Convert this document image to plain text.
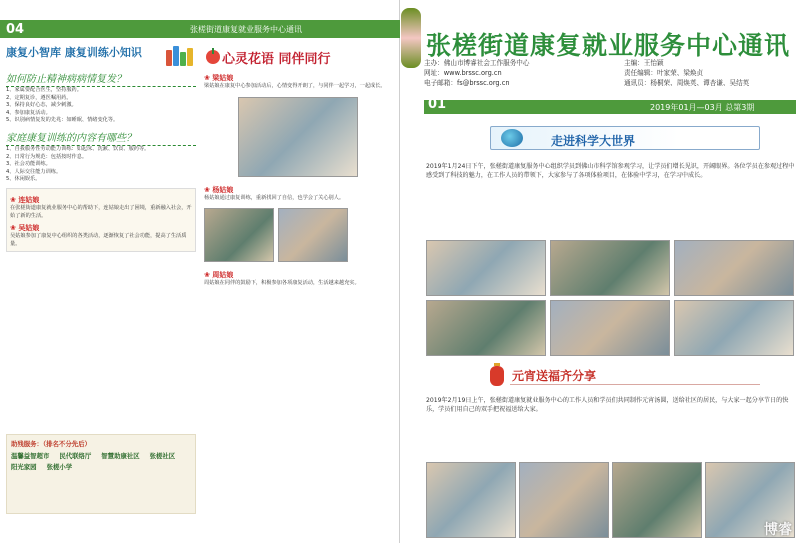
04	张槎街道康复就业服务中心通讯
康复小智库 康复训练小知识
如何防止精神病病情复发？
1、家属要配合医生，坚持服药。
2、定期复诊，遵医嘱用药。
3、保持良好心态，减少刺激。
4、参加康复活动。
5、识别病情复发的先兆：如睡眠、情绪变化等。
家庭康复训练的内容有哪些？
1、自我服务性劳动能力训练：如起床、洗漱、饮食、服药等。
2、日常行为规范：包括按时作息。
3、社会功能训练。
4、人际交往能力训练。
5、休闲娱乐。
❀ 连姑娘
在张槎街道康复就业服务中心的帮助下，连姑娘走出了困境，重新融入社会，开始了新的生活。
❀ 吴姑娘
吴姑娘参加了康复中心组织的各类活动，逐渐恢复了社会功能，提高了生活质量。
助残服务：（排名不分先后）
温馨益智超市 民代联络厅 智慧助康社区 张槎社区
阳光家园 张槎小学
心灵花语 同伴同行
❀ 梁姑娘
梁姑娘在康复中心参加活动后，心情变得开朗了，与同伴一起学习，一起成长。
❀ 杨姑娘
杨姑娘通过康复训练，重新找回了自信，也学会了关心别人。
❀ 周姑娘
周姑娘在同伴的鼓励下，积极参加各项康复活动，生活越来越充实。
张槎街道康复就业服务中心通讯
主办：佛山市博睿社会工作服务中心
网址：www.brssc.org.cn
电子邮箱：fs@brssc.org.cn
主编：王怡颖
责任编辑：叶家荣、梁焕贞
通讯员：杨桐荣、周焕英、谭杏谦、吴结英
01	2019年01月—03月 总第3期
走进科学大世界
2019年1月24日下午，张槎街道康复服务中心组织学员到佛山市科学馆参观学习，让学员们增长见识，开阔眼界。各位学员在参观过程中感受到了科技的魅力，在工作人员的带领下，大家参与了各项体验项目，在体验中学习，在学习中成长。
元宵送福齐分享
2019年2月19日上午，张槎街道康复就业服务中心的工作人员和学员们共同制作元宵汤圆，送给社区的居民，与大家一起分享节日的快乐，学员们用自己的双手把祝福送给大家。
博睿
